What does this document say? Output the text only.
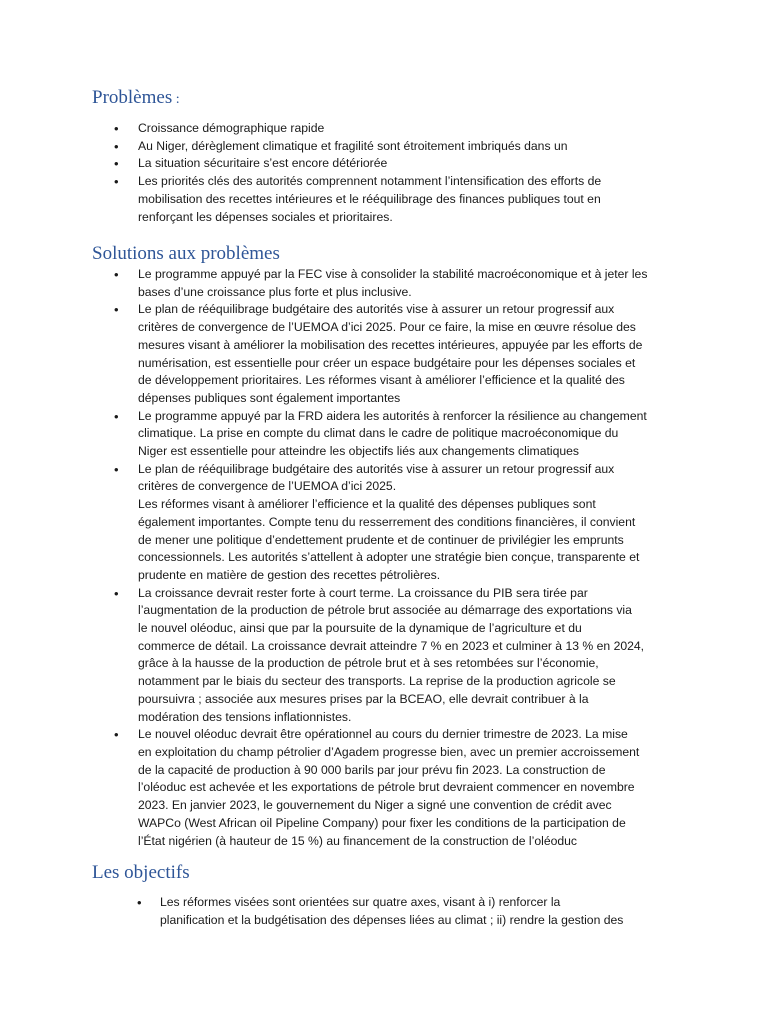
Problèmes :
• Croissance démographique rapide
• Au Niger, dérèglement climatique et fragilité sont étroitement imbriqués dans un
• La situation sécuritaire s’est encore détériorée
• Les priorités clés des autorités comprennent notamment l’intensification des efforts de
mobilisation des recettes intérieures et le rééquilibrage des finances publiques tout en
renforçant les dépenses sociales et prioritaires.
Solutions aux problèmes
• Le programme appuyé par la FEC vise à consolider la stabilité macroéconomique et à jeter les
bases d’une croissance plus forte et plus inclusive.
• Le plan de rééquilibrage budgétaire des autorités vise à assurer un retour progressif aux
critères de convergence de l’UEMOA d’ici 2025. Pour ce faire, la mise en œuvre résolue des
mesures visant à améliorer la mobilisation des recettes intérieures, appuyée par les efforts de
numérisation, est essentielle pour créer un espace budgétaire pour les dépenses sociales et
de développement prioritaires. Les réformes visant à améliorer l’efficience et la qualité des
dépenses publiques sont également importantes
• Le programme appuyé par la FRD aidera les autorités à renforcer la résilience au changement
climatique. La prise en compte du climat dans le cadre de politique macroéconomique du
Niger est essentielle pour atteindre les objectifs liés aux changements climatiques
• Le plan de rééquilibrage budgétaire des autorités vise à assurer un retour progressif aux
critères de convergence de l’UEMOA d’ici 2025.
Les réformes visant à améliorer l’efficience et la qualité des dépenses publiques sont
également importantes. Compte tenu du resserrement des conditions financières, il convient
de mener une politique d’endettement prudente et de continuer de privilégier les emprunts
concessionnels. Les autorités s’attellent à adopter une stratégie bien conçue, transparente et
prudente en matière de gestion des recettes pétrolières.
• La croissance devrait rester forte à court terme. La croissance du PIB sera tirée par
l’augmentation de la production de pétrole brut associée au démarrage des exportations via
le nouvel oléoduc, ainsi que par la poursuite de la dynamique de l’agriculture et du
commerce de détail. La croissance devrait atteindre 7 % en 2023 et culminer à 13 % en 2024,
grâce à la hausse de la production de pétrole brut et à ses retombées sur l’économie,
notamment par le biais du secteur des transports. La reprise de la production agricole se
poursuivra ; associée aux mesures prises par la BCEAO, elle devrait contribuer à la
modération des tensions inflationnistes.
• Le nouvel oléoduc devrait être opérationnel au cours du dernier trimestre de 2023. La mise
en exploitation du champ pétrolier d’Agadem progresse bien, avec un premier accroissement
de la capacité de production à 90 000 barils par jour prévu fin 2023. La construction de
l’oléoduc est achevée et les exportations de pétrole brut devraient commencer en novembre
2023. En janvier 2023, le gouvernement du Niger a signé une convention de crédit avec
WAPCo (West African oil Pipeline Company) pour fixer les conditions de la participation de
l’État nigérien (à hauteur de 15 %) au financement de la construction de l’oléoduc
Les objectifs
• Les réformes visées sont orientées sur quatre axes, visant à i) renforcer la
planification et la budgétisation des dépenses liées au climat ; ii) rendre la gestion des
